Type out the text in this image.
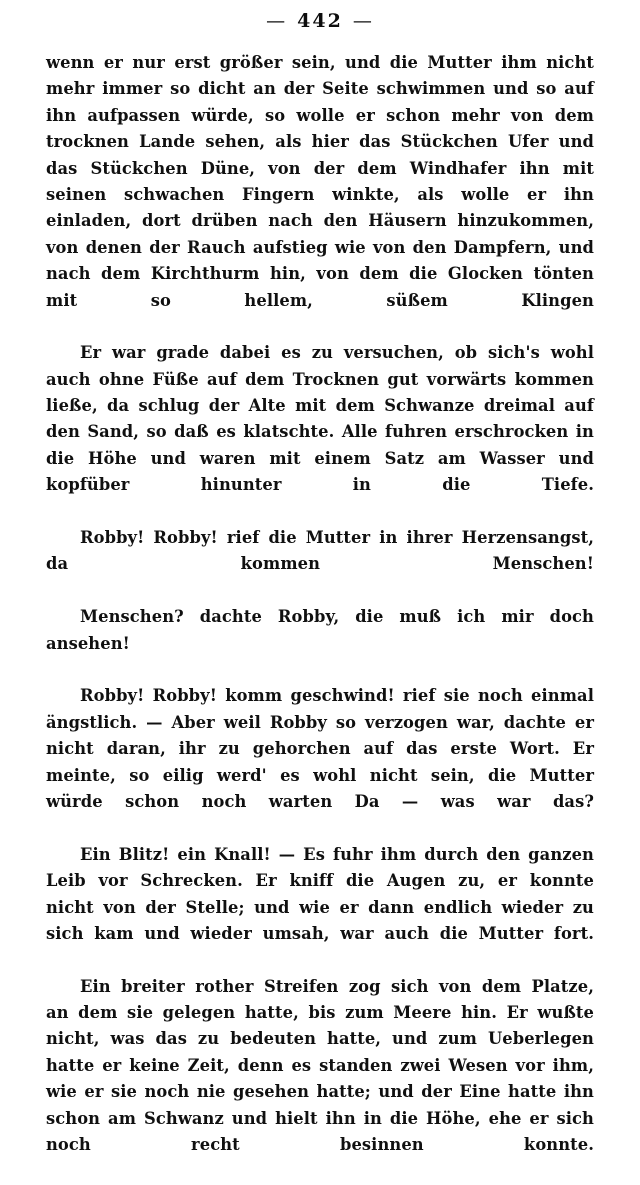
— 442 —

wenn er nur erst größer sein, und die Mutter ihm nicht mehr immer so dicht an der Seite schwimmen und so auf ihn aufpassen würde, so wolle er schon mehr von dem trocknen Lande sehen, als hier das Stückchen Ufer und das Stückchen Düne, von der dem Windhafer ihn mit seinen schwachen Fingern winkte, als wolle er ihn einladen, dort drüben nach den Häusern hinzukommen, von denen der Rauch aufstieg wie von den Dampfern, und nach dem Kirchthurm hin, von dem die Glocken tönten mit so hellem, süßem Klingen

Er war grade dabei es zu versuchen, ob sich's wohl auch ohne Füße auf dem Trocknen gut vorwärts kommen ließe, da schlug der Alte mit dem Schwanze dreimal auf den Sand, so daß es klatschte. Alle fuhren erschrocken in die Höhe und waren mit einem Satz am Wasser und kopfüber hinunter in die Tiefe.

Robby! Robby! rief die Mutter in ihrer Herzensangst, da kommen Menschen!

Menschen? dachte Robby, die muß ich mir doch ansehen!

Robby! Robby! komm geschwind! rief sie noch einmal ängstlich. — Aber weil Robby so verzogen war, dachte er nicht daran, ihr zu gehorchen auf das erste Wort. Er meinte, so eilig werd' es wohl nicht sein, die Mutter würde schon noch warten Da — was war das?

Ein Blitz! ein Knall! — Es fuhr ihm durch den ganzen Leib vor Schrecken. Er kniff die Augen zu, er konnte nicht von der Stelle; und wie er dann endlich wieder zu sich kam und wieder umsah, war auch die Mutter fort.

Ein breiter rother Streifen zog sich von dem Platze, an dem sie gelegen hatte, bis zum Meere hin. Er wußte nicht, was das zu bedeuten hatte, und zum Ueberlegen hatte er keine Zeit, denn es standen zwei Wesen vor ihm, wie er sie noch nie gesehen hatte; und der Eine hatte ihn schon am Schwanz und hielt ihn in die Höhe, ehe er sich noch recht besinnen konnte.
